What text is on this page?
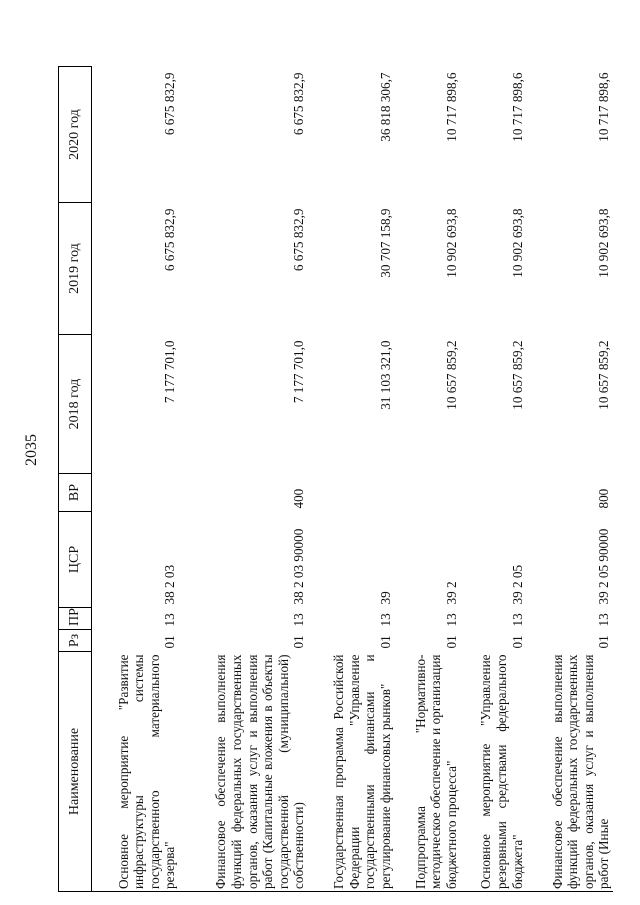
2035
Наименование	Рз	ПР	ЦСР	ВР	2018 год	2019 год	2020 год
Основное мероприятие "Развитие инфраструктуры системы государственного материального резерва"	01	13	38 2 03		7 177 701,0	6 675 832,9	6 675 832,9
Финансовое обеспечение выполнения функций федеральных государственных органов, оказания услуг и выполнения работ (Капитальные вложения в объекты государственной (муниципальной) собственности)	01	13	38 2 03 90000	400	7 177 701,0	6 675 832,9	6 675 832,9
Государственная программа Российской Федерации "Управление государственными финансами и регулирование финансовых рынков"	01	13	39		31 103 321,0	30 707 158,9	36 818 306,7
Подпрограмма "Нормативно-методическое обеспечение и организация бюджетного процесса"	01	13	39 2		10 657 859,2	10 902 693,8	10 717 898,6
Основное мероприятие "Управление резервными средствами федерального бюджета"	01	13	39 2 05		10 657 859,2	10 902 693,8	10 717 898,6
Финансовое обеспечение выполнения функций федеральных государственных органов, оказания услуг и выполнения работ (Иные	01	13	39 2 05 90000	800	10 657 859,2	10 902 693,8	10 717 898,6
